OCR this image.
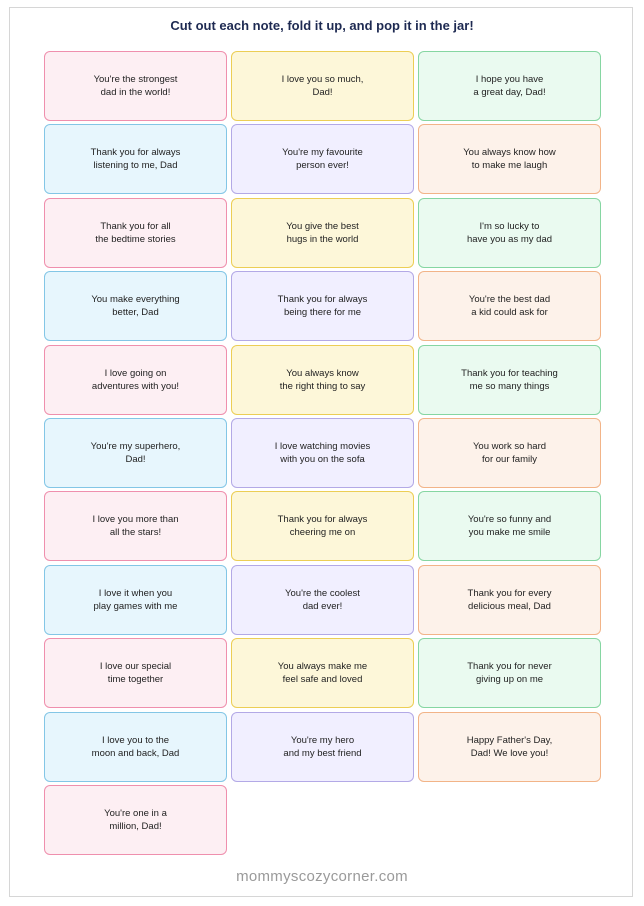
Cut out each note, fold it up, and pop it in the jar!
You're the strongest
dad in the world!
I love you so much,
Dad!
I hope you have
a great day, Dad!
Thank you for always
listening to me, Dad
You're my favourite
person ever!
You always know how
to make me laugh
Thank you for all
the bedtime stories
You give the best
hugs in the world
I'm so lucky to
have you as my dad
You make everything
better, Dad
Thank you for always
being there for me
You're the best dad
a kid could ask for
I love going on
adventures with you!
You always know
the right thing to say
Thank you for teaching
me so many things
You're my superhero,
Dad!
I love watching movies
with you on the sofa
You work so hard
for our family
I love you more than
all the stars!
Thank you for always
cheering me on
You're so funny and
you make me smile
I love it when you
play games with me
You're the coolest
dad ever!
Thank you for every
delicious meal, Dad
I love our special
time together
You always make me
feel safe and loved
Thank you for never
giving up on me
I love you to the
moon and back, Dad
You're my hero
and my best friend
Happy Father's Day,
Dad! We love you!
You're one in a
million, Dad!
mommyscozycorner.com
